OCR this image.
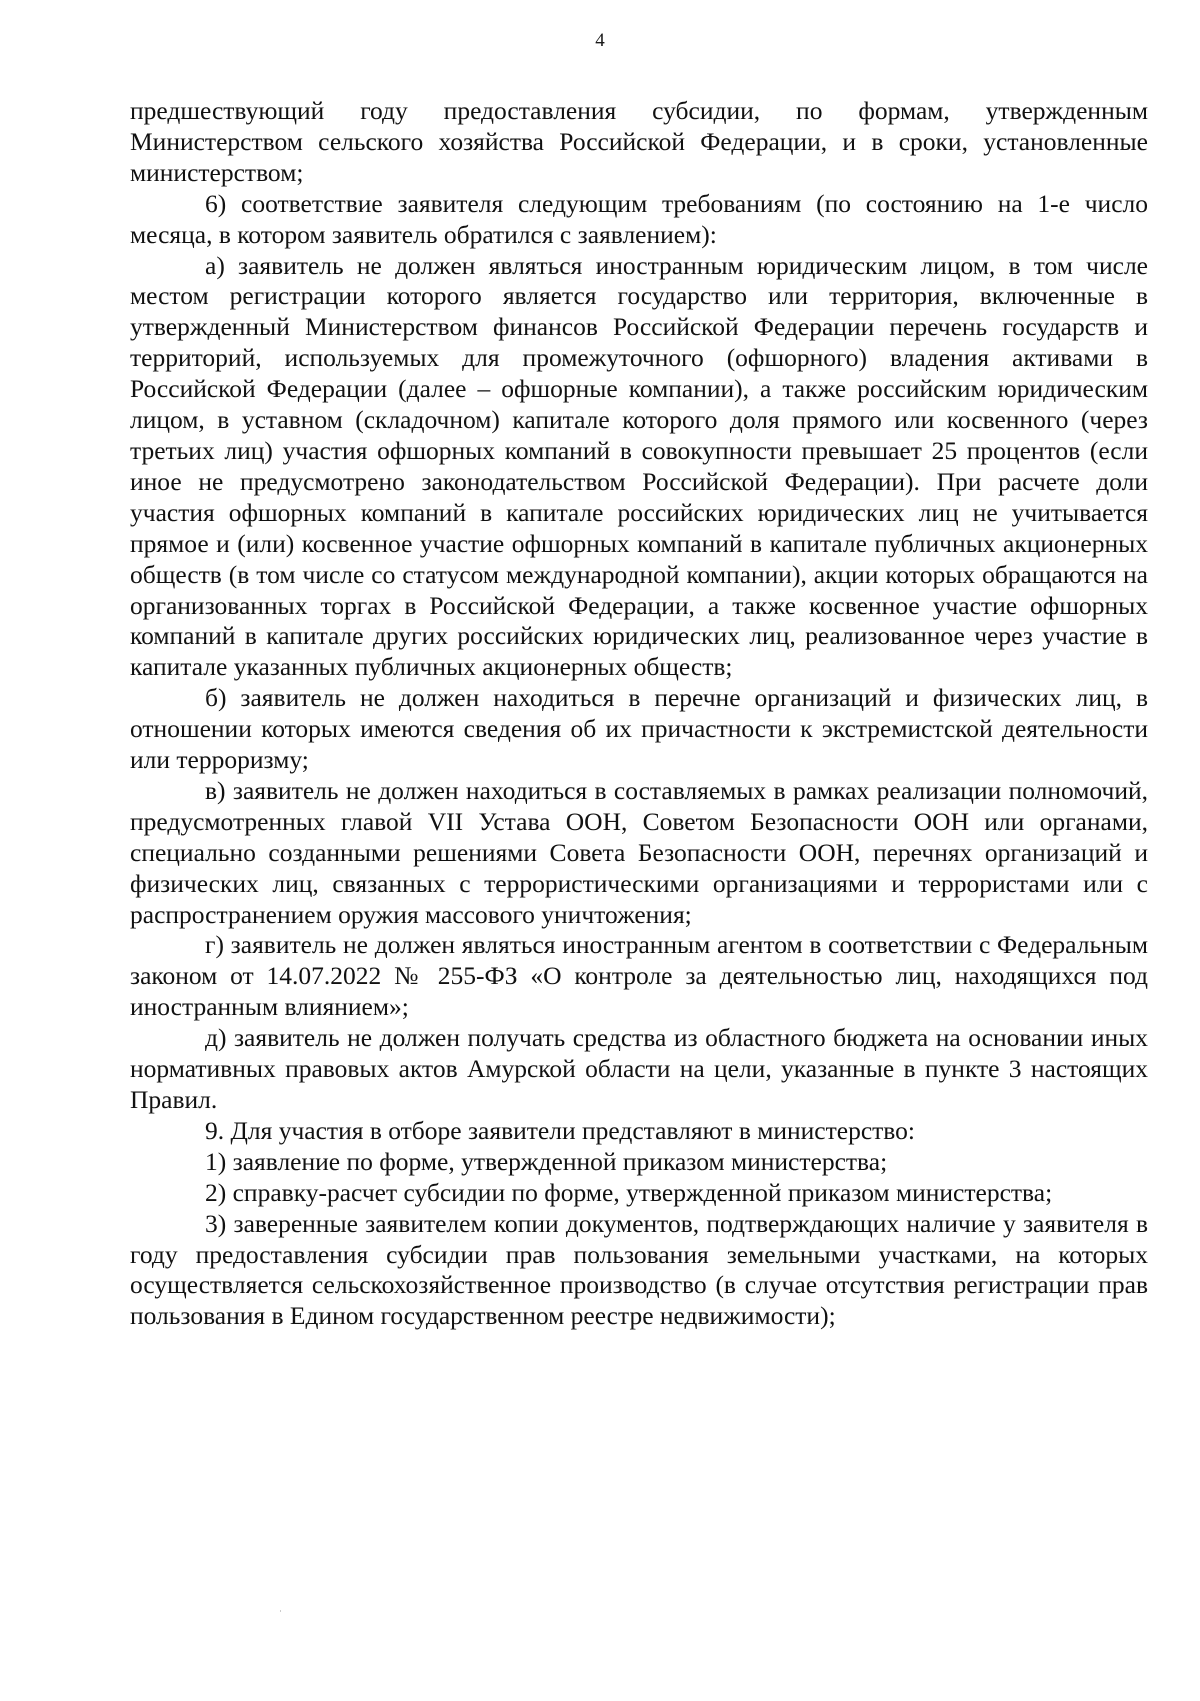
4

предшествующий году предоставления субсидии, по формам, утвержденным Министерством сельского хозяйства Российской Федерации, и в сроки, установленные министерством;

6) соответствие заявителя следующим требованиям (по состоянию на 1-е число месяца, в котором заявитель обратился с заявлением):

а) заявитель не должен являться иностранным юридическим лицом, в том числе местом регистрации которого является государство или территория, включенные в утвержденный Министерством финансов Российской Федерации перечень государств и территорий, используемых для промежуточного (офшорного) владения активами в Российской Федерации (далее – офшорные компании), а также российским юридическим лицом, в уставном (складочном) капитале которого доля прямого или косвенного (через третьих лиц) участия офшорных компаний в совокупности превышает 25 процентов (если иное не предусмотрено законодательством Российской Федерации). При расчете доли участия офшорных компаний в капитале российских юридических лиц не учитывается прямое и (или) косвенное участие офшорных компаний в капитале публичных акционерных обществ (в том числе со статусом международной компании), акции которых обращаются на организованных торгах в Российской Федерации, а также косвенное участие офшорных компаний в капитале других российских юридических лиц, реализованное через участие в капитале указанных публичных акционерных обществ;

б) заявитель не должен находиться в перечне организаций и физических лиц, в отношении которых имеются сведения об их причастности к экстремистской деятельности или терроризму;

в) заявитель не должен находиться в составляемых в рамках реализации полномочий, предусмотренных главой VII Устава ООН, Советом Безопасности ООН или органами, специально созданными решениями Совета Безопасности ООН, перечнях организаций и физических лиц, связанных с террористическими организациями и террористами или с распространением оружия массового уничтожения;

г) заявитель не должен являться иностранным агентом в соответствии с Федеральным законом от 14.07.2022 № 255-ФЗ «О контроле за деятельностью лиц, находящихся под иностранным влиянием»;

д) заявитель не должен получать средства из областного бюджета на основании иных нормативных правовых актов Амурской области на цели, указанные в пункте 3 настоящих Правил.

9. Для участия в отборе заявители представляют в министерство:

1) заявление по форме, утвержденной приказом министерства;

2) справку-расчет субсидии по форме, утвержденной приказом министерства;

3) заверенные заявителем копии документов, подтверждающих наличие у заявителя в году предоставления субсидии прав пользования земельными участками, на которых осуществляется сельскохозяйственное производство (в случае отсутствия регистрации прав пользования в Едином государственном реестре недвижимости);
